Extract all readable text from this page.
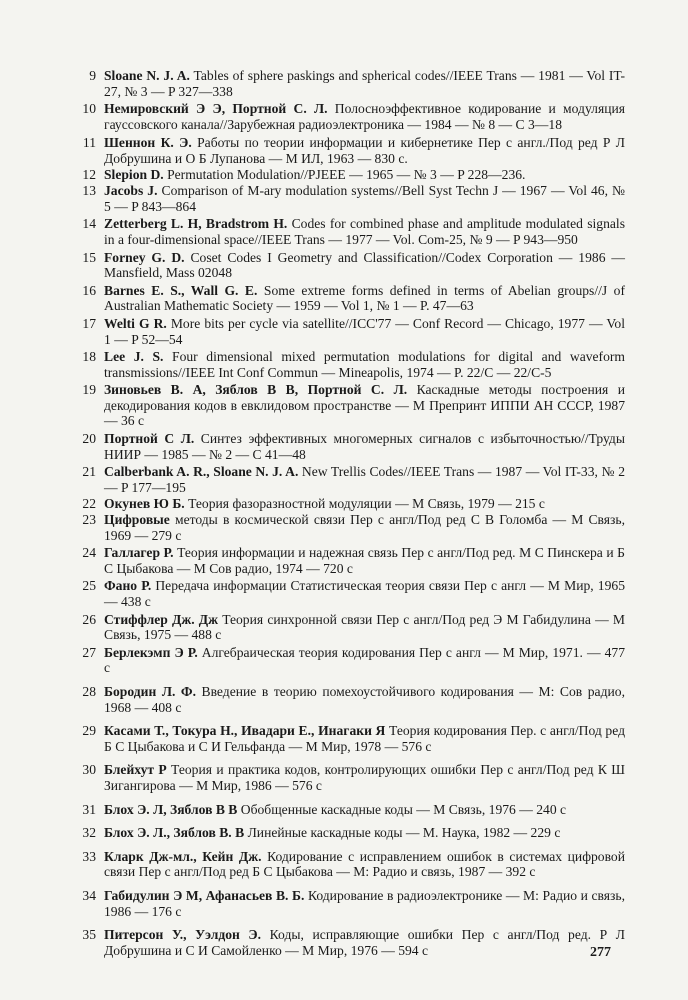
9 Sloane N. J. A. Tables of sphere paskings and spherical codes//IEEE Trans — 1981 — Vol IT-27, № 3 — P 327—338
10 Немировский Э Э, Портной С. Л. Полосноэффективное кодирование и модуляция гауссовского канала//Зарубежная радиоэлектроника — 1984 — № 8 — С 3—18
11 Шеннон К. Э. Работы по теории информации и кибернетике Пер с англ./Под ред Р Л Добрушина и О Б Лупанова — М ИЛ, 1963 — 830 с.
12 Slepion D. Permutation Modulation//PJEEE — 1965 — № 3 — P 228—236.
13 Jacobs J. Comparison of M-ary modulation systems//Bell Syst Techn J — 1967 — Vol 46, № 5 — P 843—864
14 Zetterberg L. H, Bradstrom H. Codes for combined phase and amplitude modulated signals in a four-dimensional space//IEEE Trans — 1977 — Vol. Com-25, № 9 — P 943—950
15 Forney G. D. Coset Codes I Geometry and Classification//Codex Corporation — 1986 — Mansfield, Mass 02048
16 Barnes E. S., Wall G. E. Some extreme forms defined in terms of Abelian groups//J of Australian Mathematic Society — 1959 — Vol 1, № 1 — P. 47—63
17 Welti G R. More bits per cycle via satellite//ICC'77 — Conf Record — Chicago, 1977 — Vol 1 — P 52—54
18 Lee J. S. Four dimensional mixed permutation modulations for digital and waveform transmissions//IEEE Int Conf Commun — Mineapolis, 1974 — P. 22/С — 22/С-5
19 Зиновьев В. А, Зяблов В В, Портной С. Л. Каскадные методы построения и декодирования кодов в евклидовом пространстве — М Препринт ИППИ АН СССР, 1987 — 36 с
20 Портной С Л. Синтез эффективных многомерных сигналов с избыточностью//Труды НИИР — 1985 — № 2 — С 41—48
21 Calberbank A. R., Sloane N. J. A. New Trellis Codes//IEEE Trans — 1987 — Vol IT-33, № 2 — P 177—195
22 Окунев Ю Б. Теория фазоразностной модуляции — М Связь, 1979 — 215 с
23 Цифровые методы в космической связи Пер с англ/Под ред С В Голомба — М Связь, 1969 — 279 с
24 Галлагер Р. Теория информации и надежная связь Пер с англ/Под ред. М С Пинскера и Б С Цыбакова — М Сов радио, 1974 — 720 с
25 Фано Р. Передача информации Статистическая теория связи Пер с англ — М Мир, 1965 — 438 с
26 Стиффлер Дж. Дж Теория синхронной связи Пер с англ/Под ред Э М Габидулина — М Связь, 1975 — 488 с
27 Берлекэмп Э Р. Алгебраическая теория кодирования Пер с англ — М Мир, 1971. — 477 с
28 Бородин Л. Ф. Введение в теорию помехоустойчивого кодирования — М: Сов радио, 1968 — 408 с
29 Касами Т., Токура Н., Ивадари Е., Инагаки Я Теория кодирования Пер. с англ/Под ред Б С Цыбакова и С И Гельфанда — М Мир, 1978 — 576 с
30 Блейхут Р Теория и практика кодов, контролирующих ошибки Пер с англ/Под ред К Ш Зигангирова — М Мир, 1986 — 576 с
31 Блох Э. Л, Зяблов В В Обобщенные каскадные коды — М Связь, 1976 — 240 с
32 Блох Э. Л., Зяблов В. В Линейные каскадные коды — М. Наука, 1982 — 229 с
33 Кларк Дж-мл., Кейн Дж. Кодирование с исправлением ошибок в системах цифровой связи Пер с англ/Под ред Б С Цыбакова — М: Радио и связь, 1987 — 392 с
34 Габидулин Э М, Афанасьев В. Б. Кодирование в радиоэлектронике — М: Радио и связь, 1986 — 176 с
35 Питерсон У., Уэлдон Э. Коды, исправляющие ошибки Пер с англ/Под ред. Р Л Добрушина и С И Самойленко — М Мир, 1976 — 594 с	277
